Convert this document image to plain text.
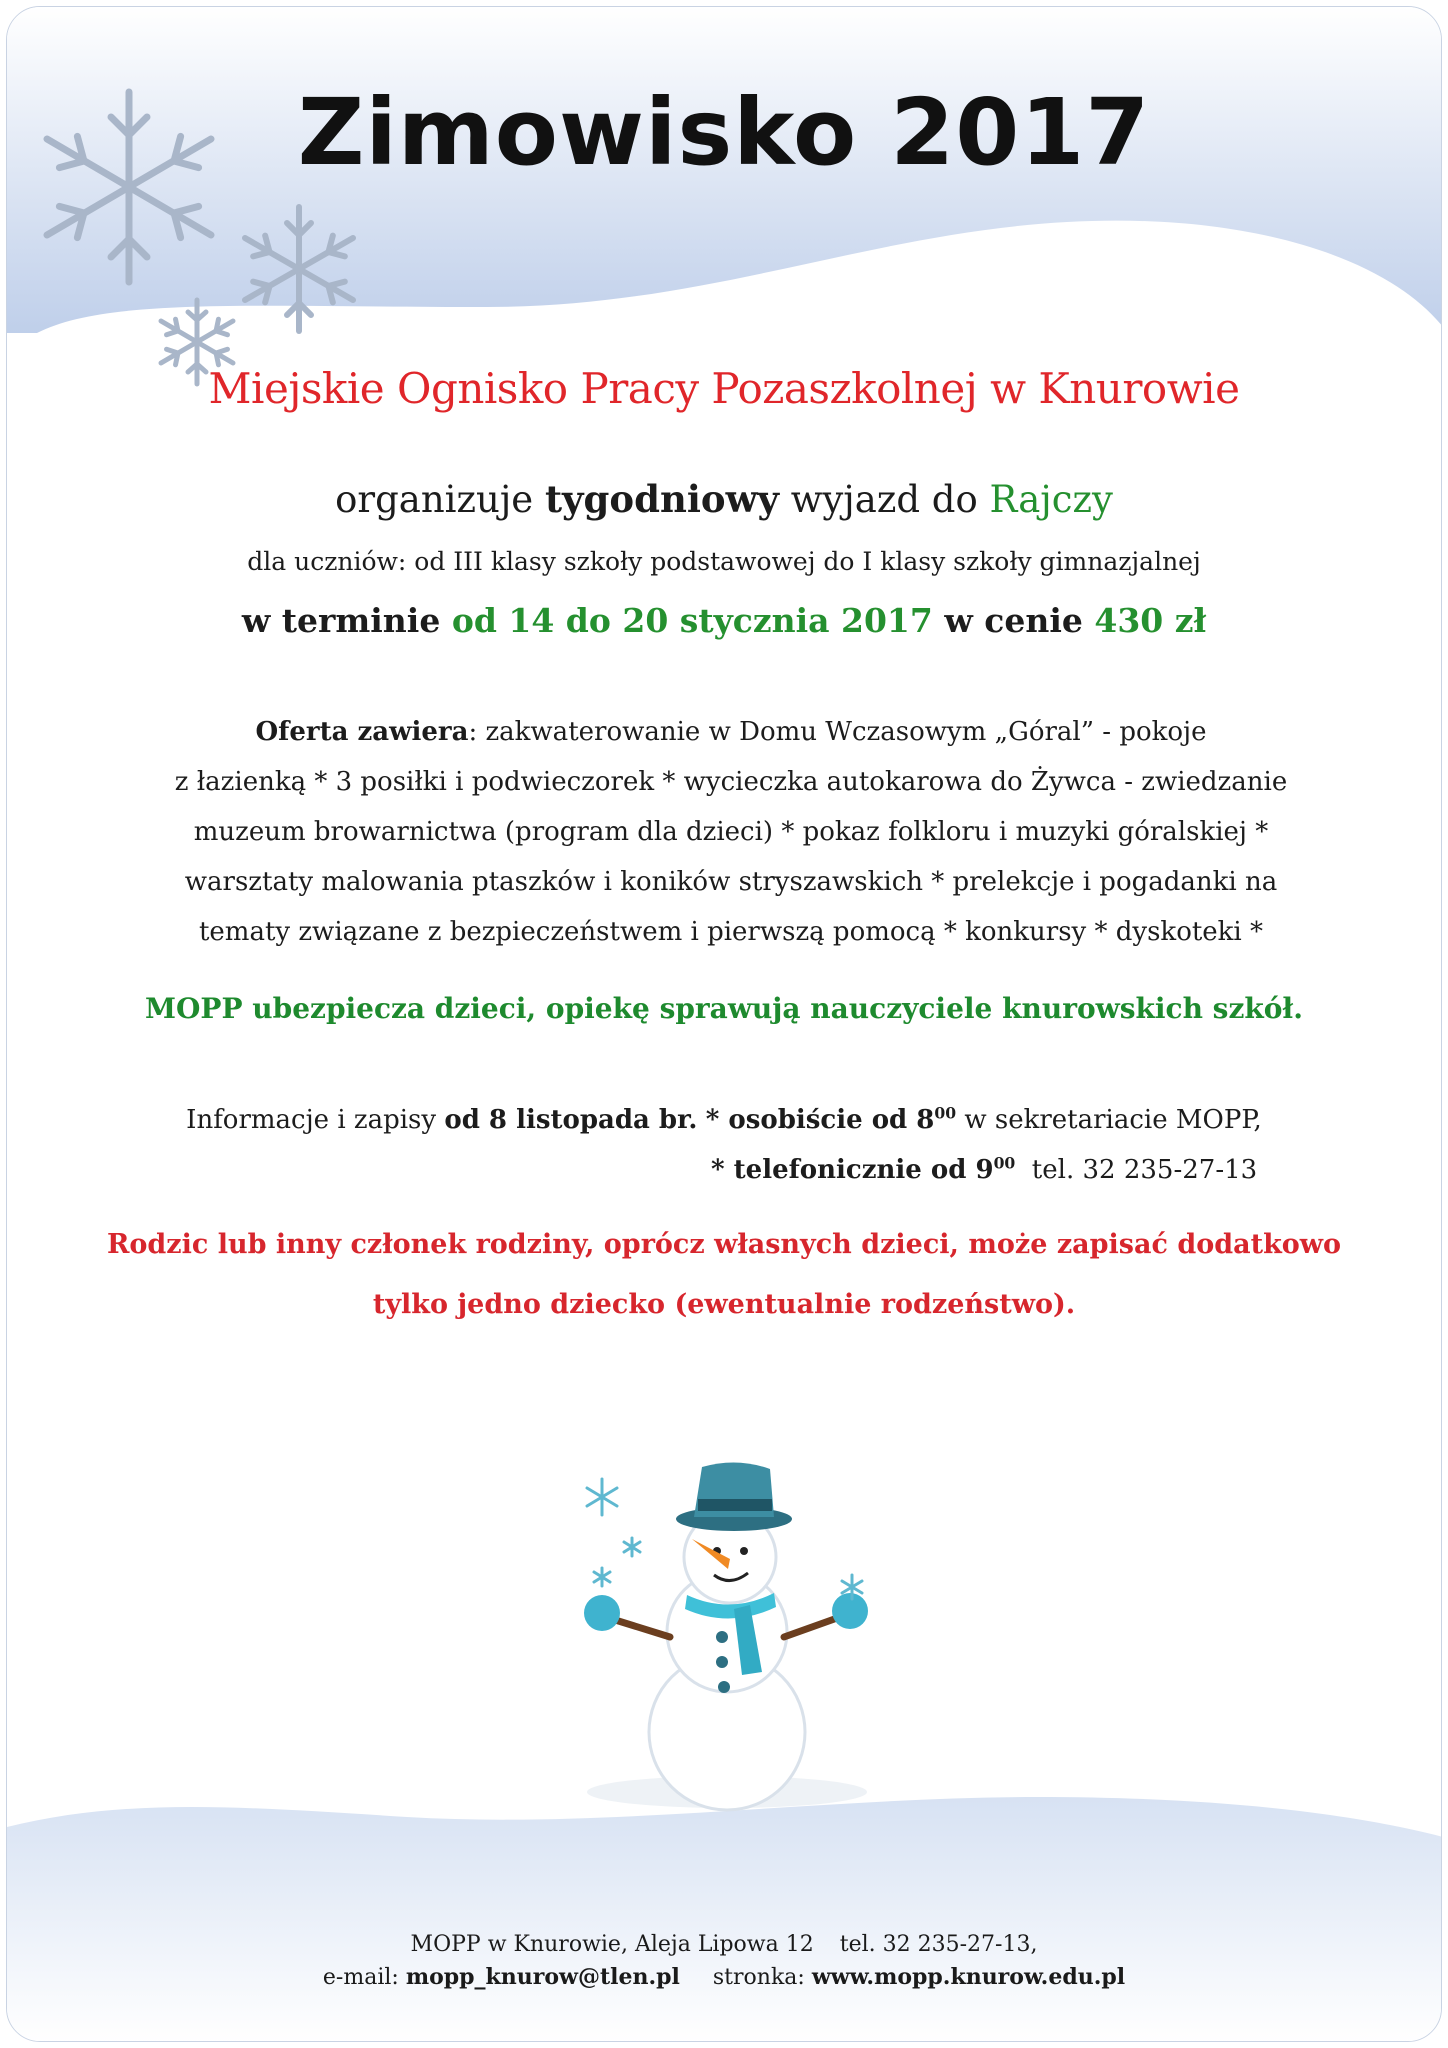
Zimowisko 2017
Miejskie Ognisko Pracy Pozaszkolnej w Knurowie
organizuje tygodniowy wyjazd do Rajczy
dla uczniów: od III klasy szkoły podstawowej do I klasy szkoły gimnazjalnej
w terminie od 14 do 20 stycznia 2017 w cenie 430 zł
Oferta zawiera: zakwaterowanie w Domu Wczasowym „Góral” - pokoje
z łazienką * 3 posiłki i podwieczorek * wycieczka autokarowa do Żywca - zwiedzanie
muzeum browarnictwa (program dla dzieci) * pokaz folkloru i muzyki góralskiej *
warsztaty malowania ptaszków i koników stryszawskich * prelekcje i pogadanki na
tematy związane z bezpieczeństwem i pierwszą pomocą * konkursy * dyskoteki *
MOPP ubezpiecza dzieci, opiekę sprawują nauczyciele knurowskich szkół.
Informacje i zapisy od 8 listopada br. * osobiście od $8^{00}$ w sekretariacie MOPP,
* telefonicznie od $9^{00}$ tel. 32 235-27-13
Rodzic lub inny członek rodziny, oprócz własnych dzieci, może zapisać dodatkowo
tylko jedno dziecko (ewentualnie rodzeństwo).
MOPP w Knurowie, Aleja Lipowa 12 tel. 32 235-27-13,
e-mail: mopp_knurow@tlen.pl stronka: www.mopp.knurow.edu.pl
